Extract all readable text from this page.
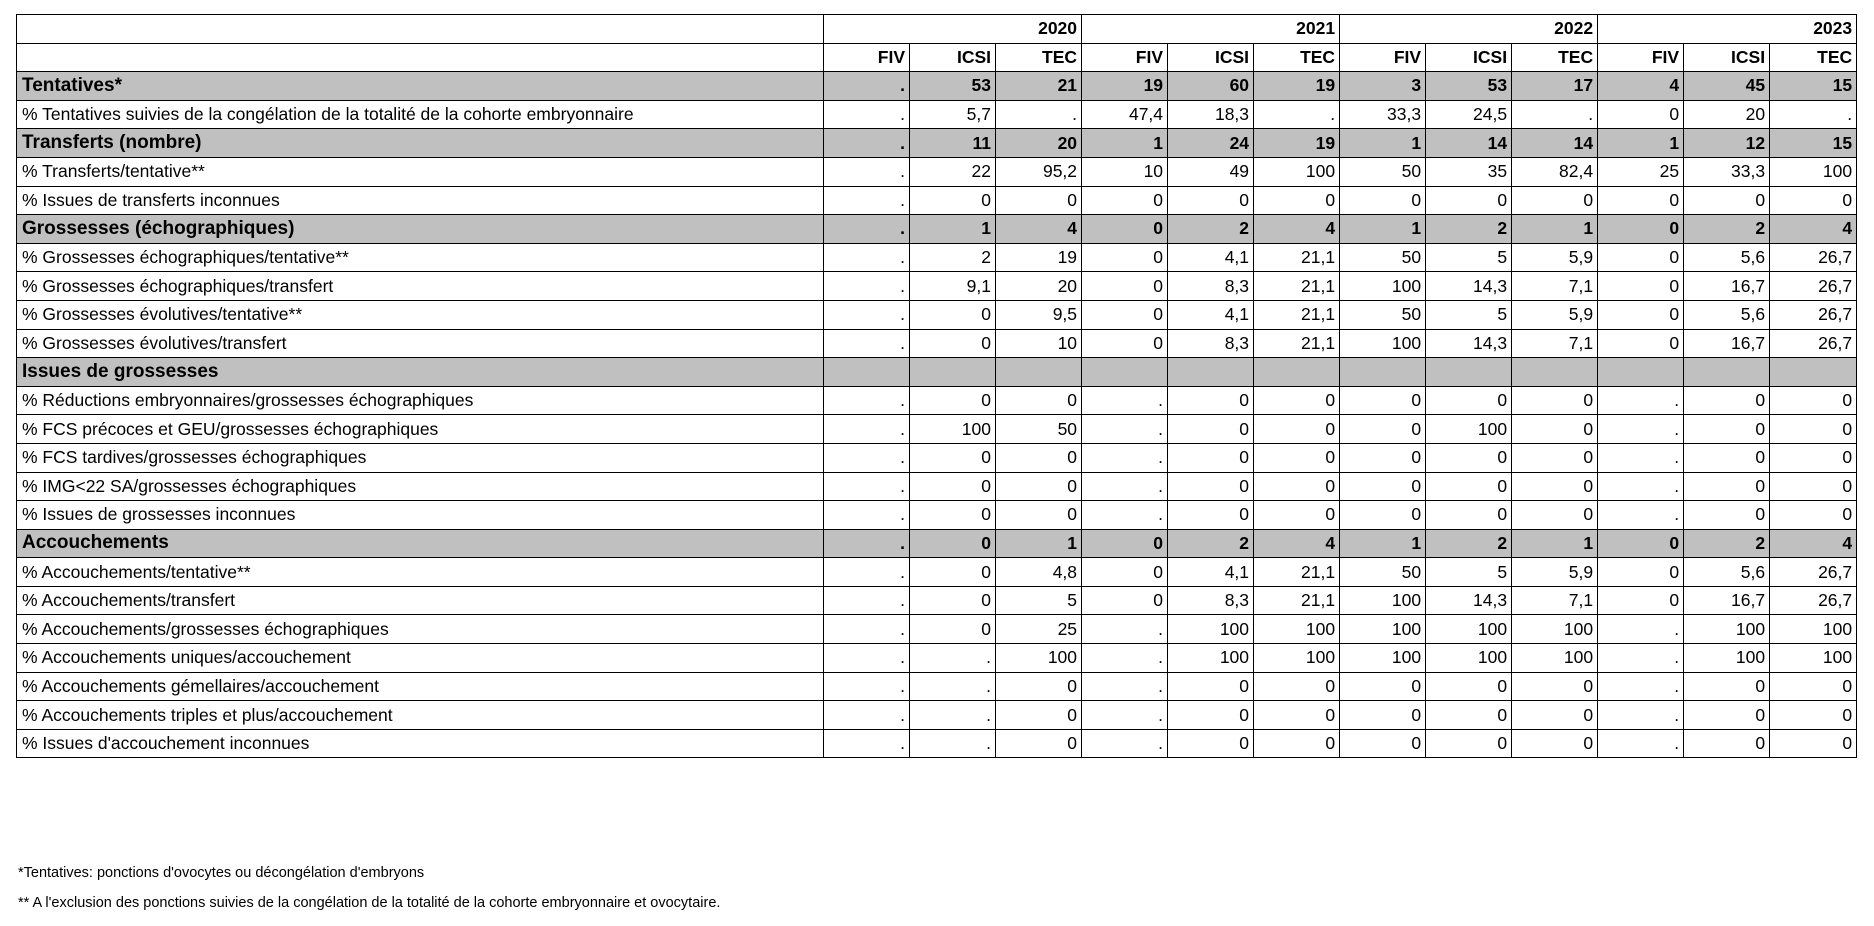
	2020			2021			2022			2023		
	FIV	ICSI	TEC	FIV	ICSI	TEC	FIV	ICSI	TEC	FIV	ICSI	TEC
Tentatives*	.	53	21	19	60	19	3	53	17	4	45	15
% Tentatives suivies de la congélation de la totalité de la cohorte embryonnaire	.	5,7	.	47,4	18,3	.	33,3	24,5	.	0	20	.
Transferts (nombre)	.	11	20	1	24	19	1	14	14	1	12	15
% Transferts/tentative**	.	22	95,2	10	49	100	50	35	82,4	25	33,3	100
% Issues de transferts inconnues	.	0	0	0	0	0	0	0	0	0	0	0
Grossesses (échographiques)	.	1	4	0	2	4	1	2	1	0	2	4
% Grossesses échographiques/tentative**	.	2	19	0	4,1	21,1	50	5	5,9	0	5,6	26,7
% Grossesses échographiques/transfert	.	9,1	20	0	8,3	21,1	100	14,3	7,1	0	16,7	26,7
% Grossesses évolutives/tentative**	.	0	9,5	0	4,1	21,1	50	5	5,9	0	5,6	26,7
% Grossesses évolutives/transfert	.	0	10	0	8,3	21,1	100	14,3	7,1	0	16,7	26,7
Issues de grossesses												
% Réductions embryonnaires/grossesses échographiques	.	0	0	.	0	0	0	0	0	.	0	0
% FCS précoces et GEU/grossesses échographiques	.	100	50	.	0	0	0	100	0	.	0	0
% FCS tardives/grossesses échographiques	.	0	0	.	0	0	0	0	0	.	0	0
% IMG<22 SA/grossesses échographiques	.	0	0	.	0	0	0	0	0	.	0	0
% Issues de grossesses inconnues	.	0	0	.	0	0	0	0	0	.	0	0
Accouchements	.	0	1	0	2	4	1	2	1	0	2	4
% Accouchements/tentative**	.	0	4,8	0	4,1	21,1	50	5	5,9	0	5,6	26,7
% Accouchements/transfert	.	0	5	0	8,3	21,1	100	14,3	7,1	0	16,7	26,7
% Accouchements/grossesses échographiques	.	0	25	.	100	100	100	100	100	.	100	100
% Accouchements uniques/accouchement	.	.	100	.	100	100	100	100	100	.	100	100
% Accouchements gémellaires/accouchement	.	.	0	.	0	0	0	0	0	.	0	0
% Accouchements triples et plus/accouchement	.	.	0	.	0	0	0	0	0	.	0	0
% Issues d'accouchement inconnues	.	.	0	.	0	0	0	0	0	.	0	0
*Tentatives: ponctions d'ovocytes ou décongélation d'embryons
** A l'exclusion des ponctions suivies de la congélation de la totalité de la cohorte embryonnaire et ovocytaire.
